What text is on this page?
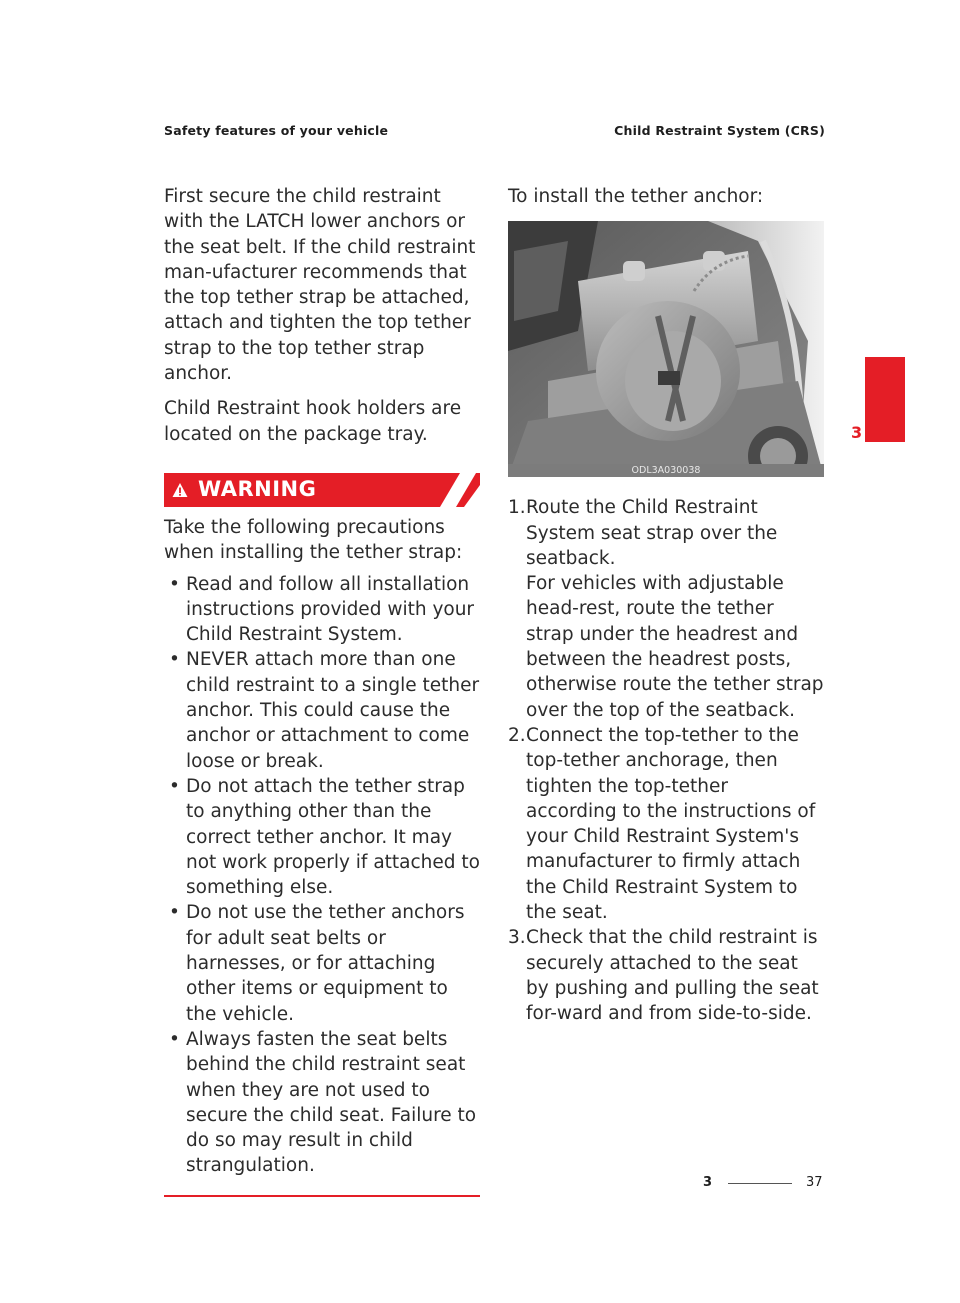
Safety features of your vehicle	Child Restraint System (CRS)

First secure the child restraint with the LATCH lower anchors or the seat belt. If the child restraint man-ufacturer recommends that the top tether strap be attached, attach and tighten the top tether strap to the top tether strap anchor.

Child Restraint hook holders are located on the package tray.

WARNING

Take the following precautions when installing the tether strap:

• Read and follow all installation instructions provided with your Child Restraint System.
• NEVER attach more than one child restraint to a single tether anchor. This could cause the anchor or attachment to come loose or break.
• Do not attach the tether strap to anything other than the correct tether anchor. It may not work properly if attached to something else.
• Do not use the tether anchors for adult seat belts or harnesses, or for attaching other items or equipment to the vehicle.
• Always fasten the seat belts behind the child restraint seat when they are not used to secure the child seat. Failure to do so may result in child strangulation.

To install the tether anchor:

ODL3A030038
1. Route the Child Restraint System seat strap over the seatback.
For vehicles with adjustable head-rest, route the tether strap under the headrest and between the headrest posts, otherwise route the tether strap over the top of the seatback.
2. Connect the top-tether to the top-tether anchorage, then tighten the top-tether according to the instructions of your Child Restraint System's manufacturer to firmly attach the Child Restraint System to the seat.
3. Check that the child restraint is securely attached to the seat by pushing and pulling the seat for-ward and from side-to-side.
3
3	37
